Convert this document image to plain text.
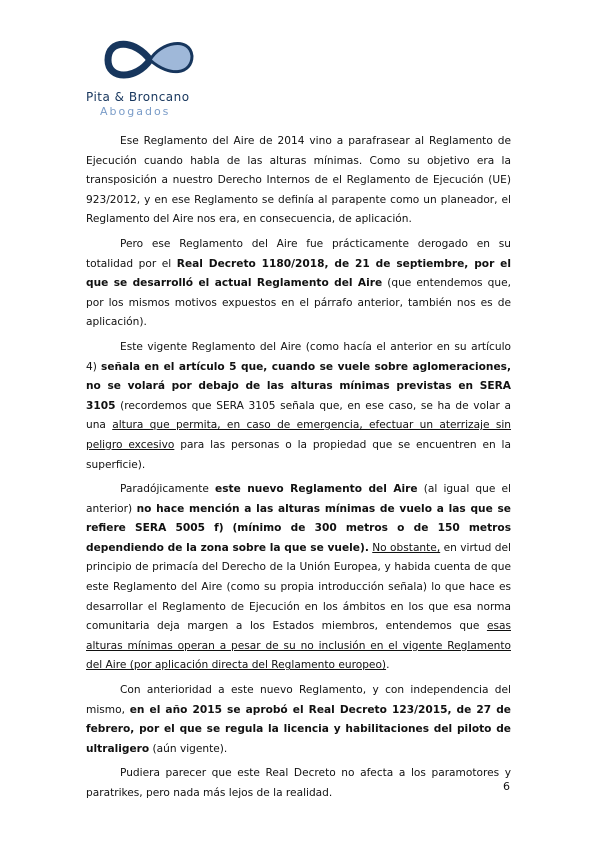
Pita & Broncano
Abogados

Ese Reglamento del Aire de 2014 vino a parafrasear al Reglamento de Ejecución cuando habla de las alturas mínimas. Como su objetivo era la transposición a nuestro Derecho Internos de el Reglamento de Ejecución (UE) 923/2012, y en ese Reglamento se definía al parapente como un planeador, el Reglamento del Aire nos era, en consecuencia, de aplicación.

Pero ese Reglamento del Aire fue prácticamente derogado en su totalidad por el Real Decreto 1180/2018, de 21 de septiembre, por el que se desarrolló el actual Reglamento del Aire (que entendemos que, por los mismos motivos expuestos en el párrafo anterior, también nos es de aplicación).

Este vigente Reglamento del Aire (como hacía el anterior en su artículo 4) señala en el artículo 5 que, cuando se vuele sobre aglomeraciones, no se volará por debajo de las alturas mínimas previstas en SERA 3105 (recordemos que SERA 3105 señala que, en ese caso, se ha de volar a una altura que permita, en caso de emergencia, efectuar un aterrizaje sin peligro excesivo para las personas o la propiedad que se encuentren en la superficie).

Paradójicamente este nuevo Reglamento del Aire (al igual que el anterior) no hace mención a las alturas mínimas de vuelo a las que se refiere SERA 5005 f) (mínimo de 300 metros o de 150 metros dependiendo de la zona sobre la que se vuele). No obstante, en virtud del principio de primacía del Derecho de la Unión Europea, y habida cuenta de que este Reglamento del Aire (como su propia introducción señala) lo que hace es desarrollar el Reglamento de Ejecución en los ámbitos en los que esa norma comunitaria deja margen a los Estados miembros, entendemos que esas alturas mínimas operan a pesar de su no inclusión en el vigente Reglamento del Aire (por aplicación directa del Reglamento europeo).

Con anterioridad a este nuevo Reglamento, y con independencia del mismo, en el año 2015 se aprobó el Real Decreto 123/2015, de 27 de febrero, por el que se regula la licencia y habilitaciones del piloto de ultraligero (aún vigente).

Pudiera parecer que este Real Decreto no afecta a los paramotores y paratrikes, pero nada más lejos de la realidad.	6
